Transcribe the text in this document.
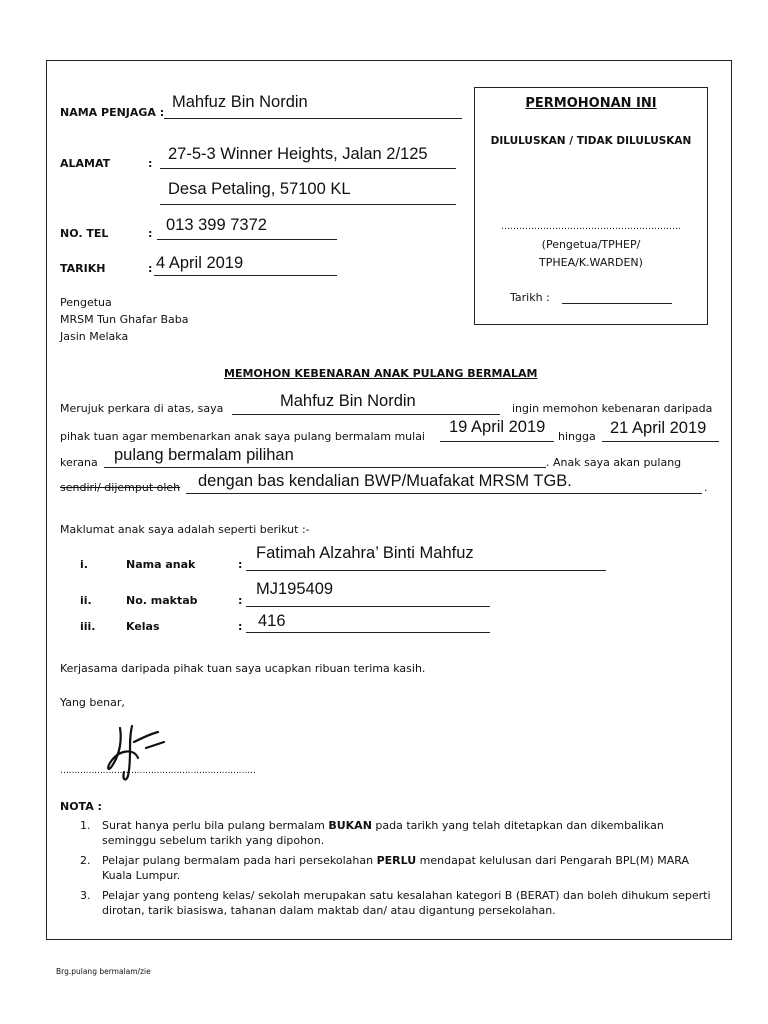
NAMA PENJAGA :
Mahfuz Bin Nordin
ALAMAT	:
27-5-3 Winner Heights, Jalan 2/125
Desa Petaling, 57100 KL
NO. TEL	: 013 399 7372
TARIKH	: 4 April 2019
PERMOHONAN INI
DILULUSKAN / TIDAK DILULUSKAN
……………………………………………………
(Pengetua/TPHEP/
TPHEA/K.WARDEN)
Tarikh :
Pengetua
MRSM Tun Ghafar Baba
Jasin Melaka
MEMOHON KEBENARAN ANAK PULANG BERMALAM
Merujuk perkara di atas, saya	Mahfuz Bin Nordin	ingin memohon kebenaran daripada
pihak tuan agar membenarkan anak saya pulang bermalam mulai
19 April 2019
hingga 21 April 2019
kerana pulang bermalam pilihan	. Anak saya akan pulang
sendiri/ dijemput oleh dengan bas kendalian BWP/Muafakat MRSM TGB.	.
Maklumat anak saya adalah seperti berikut :-
i.	Nama anak	:
Fatimah Alzahra’ Binti Mahfuz
ii.	No. maktab	:
MJ195409
iii.	Kelas	: 416
Kerjasama daripada pihak tuan saya ucapkan ribuan terima kasih.
Yang benar,
……………………………………………………………
NOTA :
1. Surat hanya perlu bila pulang bermalam BUKAN pada tarikh yang telah ditetapkan dan dikembalikan seminggu sebelum tarikh yang dipohon.
2. Pelajar pulang bermalam pada hari persekolahan PERLU mendapat kelulusan dari Pengarah BPL(M) MARA Kuala Lumpur.
3. Pelajar yang ponteng kelas/ sekolah merupakan satu kesalahan kategori B (BERAT) dan boleh dihukum seperti dirotan, tarik biasiswa, tahanan dalam maktab dan/ atau digantung persekolahan.
Brg.pulang bermalam/zie
